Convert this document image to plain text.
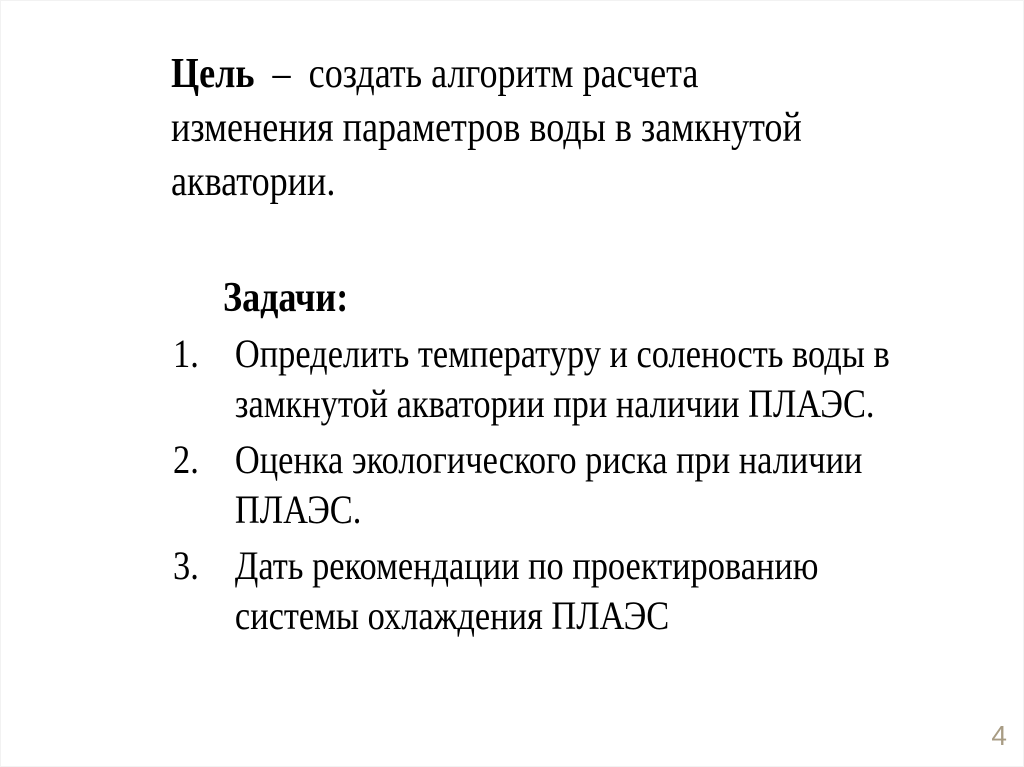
Цель – создать алгоритм расчета
изменения параметров воды в замкнутой
акватории.
Задачи:
1. Определить температуру и соленость воды в
замкнутой акватории при наличии ПЛАЭС.
2. Оценка экологического риска при наличии
ПЛАЭС.
3. Дать рекомендации по проектированию
системы охлаждения ПЛАЭС
4
